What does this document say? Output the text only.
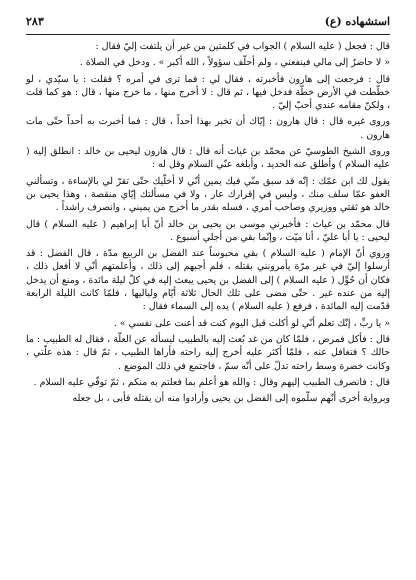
استشهاده (ع)
٢٨٣

قال : فجعل ( عليه السلام ) الجواب في كلمتين من غير أن يلتفت إليّ فقال :

« لا حاضرٌ إلى مالي فينفعني ، ولم أحلّف سؤولاً ، الله أكبر » . ودخل في الصلاة .

قال : فرجعت إلى هارون فأخبرته ، فقال لي : فما ترى في أمره ؟ فقلت : يا سيّدي ، لو خطّطت في الأرض خطّة فدخل فيها ، ثم قال : لا أخرج منها ، ما خرج منها ، قال : هو كما قلت ، ولكنّ مقامه عندي أحبّ إليّ .

وروى غيره قال : قال هارون : إيّاك أن تخبر بهذا أحداً ، قال : فما أخبرت به أحداً حتّى مات هارون .

وروى الشيخ الطوسيّ عن محمّد بن غياث أنه قال : قال هارون ليحيى بن خالد : انطلق إليه ( عليه السلام ) وأطلق عنه الحديد ، وأبلغه عنّي السلام وقل له :

يقول لك ابن عمّك : إنّه قد سبق منّي فيك يمين أنّي لا أخلّيك حتّى تقرّ لي بالإساءة ، وتسألني العفو عمّا سلف منك ، وليس في إقرارك عار ، ولا في مسألتك إيّاي منقصة ، وهذا يحيى بن خالد هو ثقتي ووزيري وصاحب أمري ، فسله بقدر ما أخرج من يميني ، وانصرف راشداً .

قال محمّد بن غياث : فأخبرني موسى بن يحيى بن خالد أنّ أبا إبراهيم ( عليه السلام ) قال ليحيى : يا أبا عليّ ، أنا ميّت ، وإنّما بقي من أجلي أسبوع .

وروي أنّ الإمام ( عليه السلام ) بقي محبوساً عند الفضل بن الربيع مدّة ، قال الفضل : قد أرسلوا إليّ في غير مرّة يأمرونني بقتله ، فلم أجبهم إلى ذلك ، وأعلمتهم أنّي لا أفعل ذلك ، فكان أن حُوِّل ( عليه السلام ) إلى الفضل بن يحيى يبعث إليه في كلّ ليلة مائدة ، ومنع أن يدخل إليه من عنده غير . حتّى مضى على تلك الحال ثلاثة أيّام ولياليها ، فلمّا كانت الليلة الرابعة قدّمت إليه المائدة ، فرفع ( عليه السلام ) يده إلى السماء فقال :

« يا ربِّ ، إنّك تعلم أنّي لو أكلت قبل اليوم كنت قد أعنت على نفسي » .

قال : فأكل فمرض ، فلمّا كان من غد بُعث إليه بالطبيب ليسأله عن العلّة ، فقال له الطبيب : ما حالك ؟ فتغافل عنه ، فلمّا أكثر عليه أخرج إليه راحته فأراها الطبيب ، ثمّ قال : هذه علّتي ، وكانت خضرة وسط راحته تدلّ على أنّه سمّ ، فاجتمع في ذلك الموضع .

قال : فانصرف الطبيب إليهم وقال : والله هو أعلم بما فعلتم به منكم ، ثمّ توفّي عليه السلام .

وبرواية أخرى أنّهم سلّموه إلى الفضل بن يحيى وأرادوا منه أن يقتله فأبى ، بل جعله
